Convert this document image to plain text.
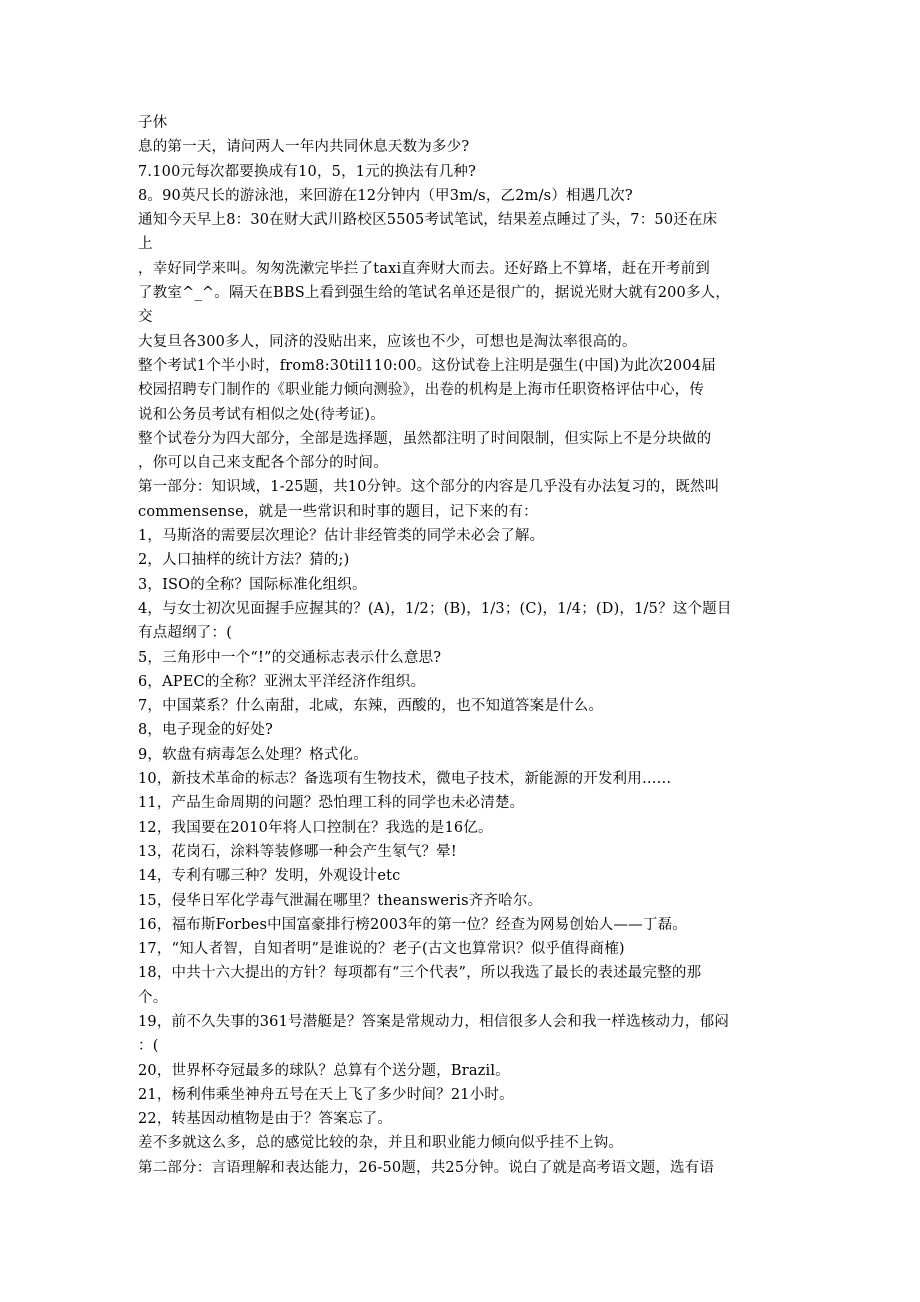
子休
息的第一天，请问两人一年内共同休息天数为多少?
7.100元每次都要换成有10，5，1元的换法有几种?
8。90英尺长的游泳池，来回游在12分钟内（甲3m/s，乙2m/s）相遇几次?
通知今天早上8：30在财大武川路校区5505考试笔试，结果差点睡过了头，7：50还在床
上
，幸好同学来叫。匆匆洗漱完毕拦了taxi直奔财大而去。还好路上不算堵，赶在开考前到
了教室^_^。隔天在BBS上看到强生给的笔试名单还是很广的，据说光财大就有200多人，
交
大复旦各300多人，同济的没贴出来，应该也不少，可想也是淘汰率很高的。
整个考试1个半小时，from8:30til110:00。这份试卷上注明是强生(中国)为此次2004届
校园招聘专门制作的《职业能力倾向测验》，出卷的机构是上海市任职资格评估中心，传
说和公务员考试有相似之处(待考证)。
整个试卷分为四大部分，全部是选择题，虽然都注明了时间限制，但实际上不是分块做的
，你可以自己来支配各个部分的时间。
第一部分：知识域，1-25题，共10分钟。这个部分的内容是几乎没有办法复习的，既然叫
commensense，就是一些常识和时事的题目，记下来的有：
1，马斯洛的需要层次理论？估计非经管类的同学未必会了解。
2，人口抽样的统计方法？猜的;)
3，ISO的全称？国际标准化组织。
4，与女士初次见面握手应握其的？(A)，1/2；(B)，1/3；(C)，1/4；(D)，1/5？这个题目
有点超纲了：(
5，三角形中一个“!”的交通标志表示什么意思?
6，APEC的全称？亚洲太平洋经济作组织。
7，中国菜系？什么南甜，北咸，东辣，西酸的，也不知道答案是什么。
8，电子现金的好处?
9，软盘有病毒怎么处理？格式化。
10，新技术革命的标志？备选项有生物技术，微电子技术，新能源的开发利用……
11，产品生命周期的问题？恐怕理工科的同学也未必清楚。
12，我国要在2010年将人口控制在？我选的是16亿。
13，花岗石，涂料等装修哪一种会产生氡气？晕!
14，专利有哪三种？发明，外观设计etc
15，侵华日军化学毒气泄漏在哪里？theansweris齐齐哈尔。
16，福布斯Forbes中国富豪排行榜2003年的第一位？经查为网易创始人——丁磊。
17，“知人者智，自知者明”是谁说的？老子(古文也算常识？似乎值得商榷)
18，中共十六大提出的方针？每项都有“三个代表”，所以我选了最长的表述最完整的那
个。
19，前不久失事的361号潜艇是？答案是常规动力，相信很多人会和我一样选核动力，郁闷
：(
20，世界杯夺冠最多的球队？总算有个送分题，Brazil。
21，杨利伟乘坐神舟五号在天上飞了多少时间？21小时。
22，转基因动植物是由于？答案忘了。
差不多就这么多，总的感觉比较的杂，并且和职业能力倾向似乎挂不上钩。
第二部分：言语理解和表达能力，26-50题，共25分钟。说白了就是高考语文题，选有语
